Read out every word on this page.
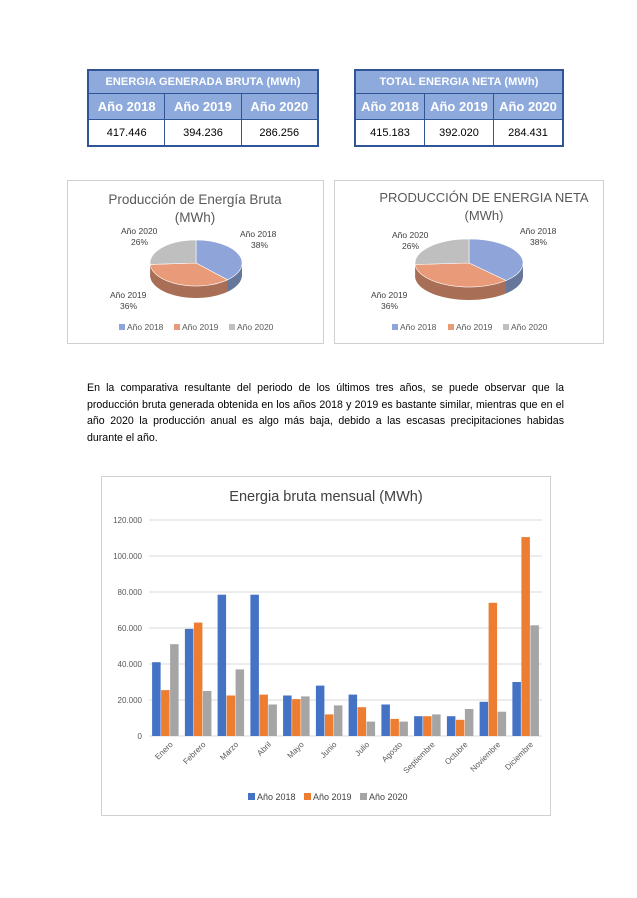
ENERGIA GENERADA BRUTA (MWh)		
Año 2018	Año 2019	Año 2020
417.446	394.236	286.256
TOTAL ENERGIA NETA (MWh)		
Año 2018	Año 2019	Año 2020
415.183	392.020	284.431
Producción de Energía Bruta
(MWh)
Año 2018
38%
Año 2019
36%
Año 2020
26%
Año 2018 Año 2019 Año 2020
PRODUCCIÓN DE ENERGIA NETA
(MWh)
Año 2018
38%
Año 2019
36%
Año 2020
26%
Año 2018 Año 2019 Año 2020
En la comparativa resultante del periodo de los últimos tres años, se puede observar que la producción bruta generada obtenida en los años 2018 y 2019 es bastante similar, mientras que en el año 2020 la producción anual es algo más baja, debido a las escasas precipitaciones habidas durante el año.
Energia bruta mensual (MWh)
0
20.000
40.000
60.000
80.000
100.000
120.000
Enero Febrero Marzo Abril Mayo Junio Julio Agosto
Septiembre Octubre Noviembre Diciembre
Año 2018 Año 2019 Año 2020
